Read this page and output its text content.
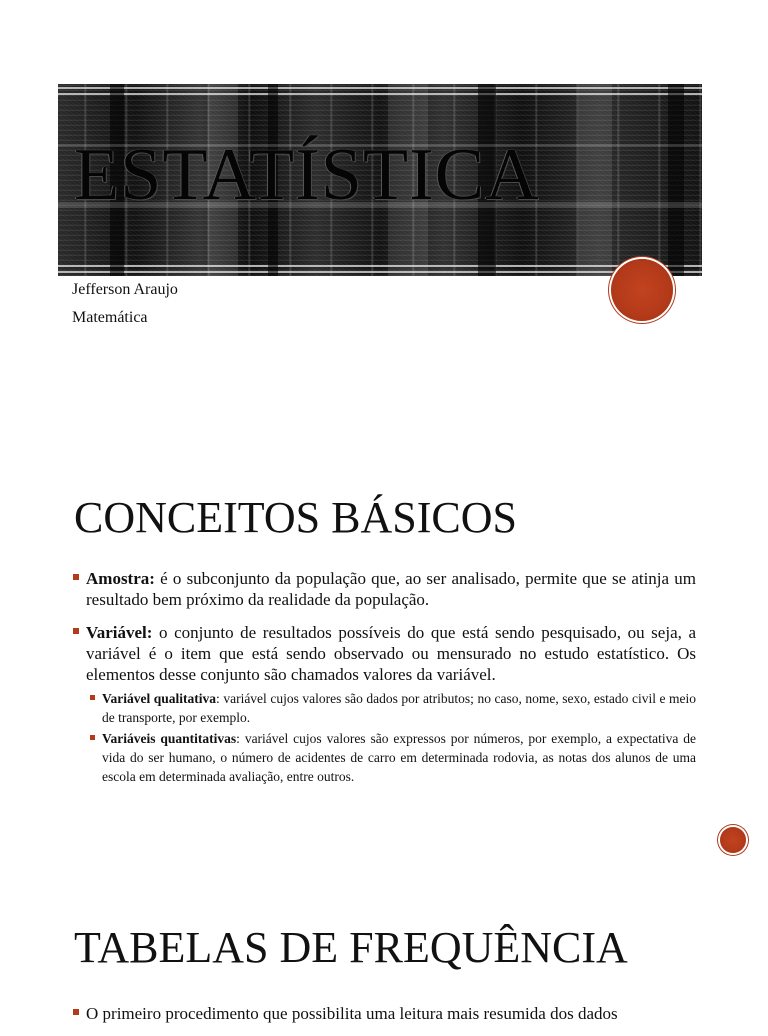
ESTATÍSTICA

Jefferson Araujo

Matemática

CONCEITOS BÁSICOS
Amostra: é o subconjunto da população que, ao ser analisado, permite que se atinja um resultado bem próximo da realidade da população.
Variável: o conjunto de resultados possíveis do que está sendo pesquisado, ou seja, a variável é o item que está sendo observado ou mensurado no estudo estatístico. Os elementos desse conjunto são chamados valores da variável.
Variável qualitativa: variável cujos valores são dados por atributos; no caso, nome, sexo, estado civil e meio de transporte, por exemplo.
Variáveis quantitativas: variável cujos valores são expressos por números, por exemplo, a expectativa de vida do ser humano, o número de acidentes de carro em determinada rodovia, as notas dos alunos de uma escola em determinada avaliação, entre outros.
TABELAS DE FREQUÊNCIA
O primeiro procedimento que possibilita uma leitura mais resumida dos dados
